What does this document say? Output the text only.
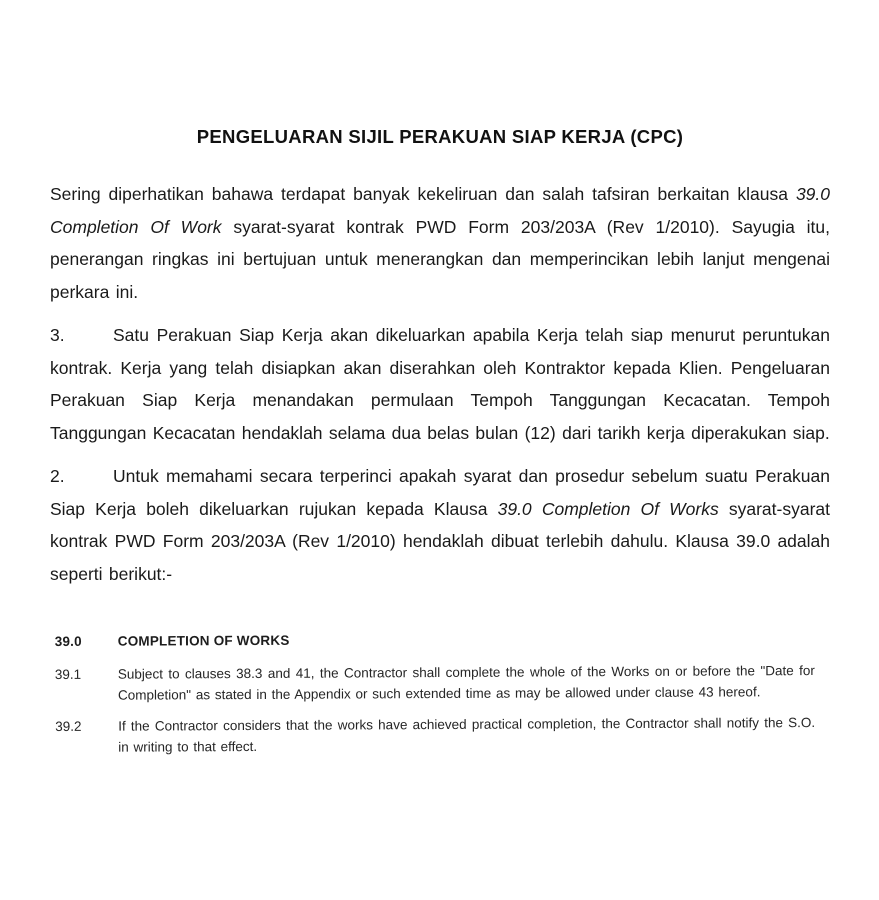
PENGELUARAN SIJIL PERAKUAN SIAP KERJA (CPC)

Sering diperhatikan bahawa terdapat banyak kekeliruan dan salah tafsiran berkaitan klausa 39.0 Completion Of Work syarat-syarat kontrak PWD Form 203/203A (Rev 1/2010). Sayugia itu, penerangan ringkas ini bertujuan untuk menerangkan dan memperincikan lebih lanjut mengenai perkara ini.

3.	Satu Perakuan Siap Kerja akan dikeluarkan apabila Kerja telah siap menurut peruntukan kontrak. Kerja yang telah disiapkan akan diserahkan oleh Kontraktor kepada Klien. Pengeluaran Perakuan Siap Kerja menandakan permulaan Tempoh Tanggungan Kecacatan. Tempoh Tanggungan Kecacatan hendaklah selama dua belas bulan (12) dari tarikh kerja diperakukan siap.

2.	Untuk memahami secara terperinci apakah syarat dan prosedur sebelum suatu Perakuan Siap Kerja boleh dikeluarkan rujukan kepada Klausa 39.0 Completion Of Works syarat-syarat kontrak PWD Form 203/203A (Rev 1/2010) hendaklah dibuat terlebih dahulu. Klausa 39.0 adalah seperti berikut:-

39.0	COMPLETION OF WORKS
39.1	Subject to clauses 38.3 and 41, the Contractor shall complete the whole of the Works on or before the "Date for Completion" as stated in the Appendix or such extended time as may be allowed under clause 43 hereof.
39.2	If the Contractor considers that the works have achieved practical completion, the Contractor shall notify the S.O. in writing to that effect.
